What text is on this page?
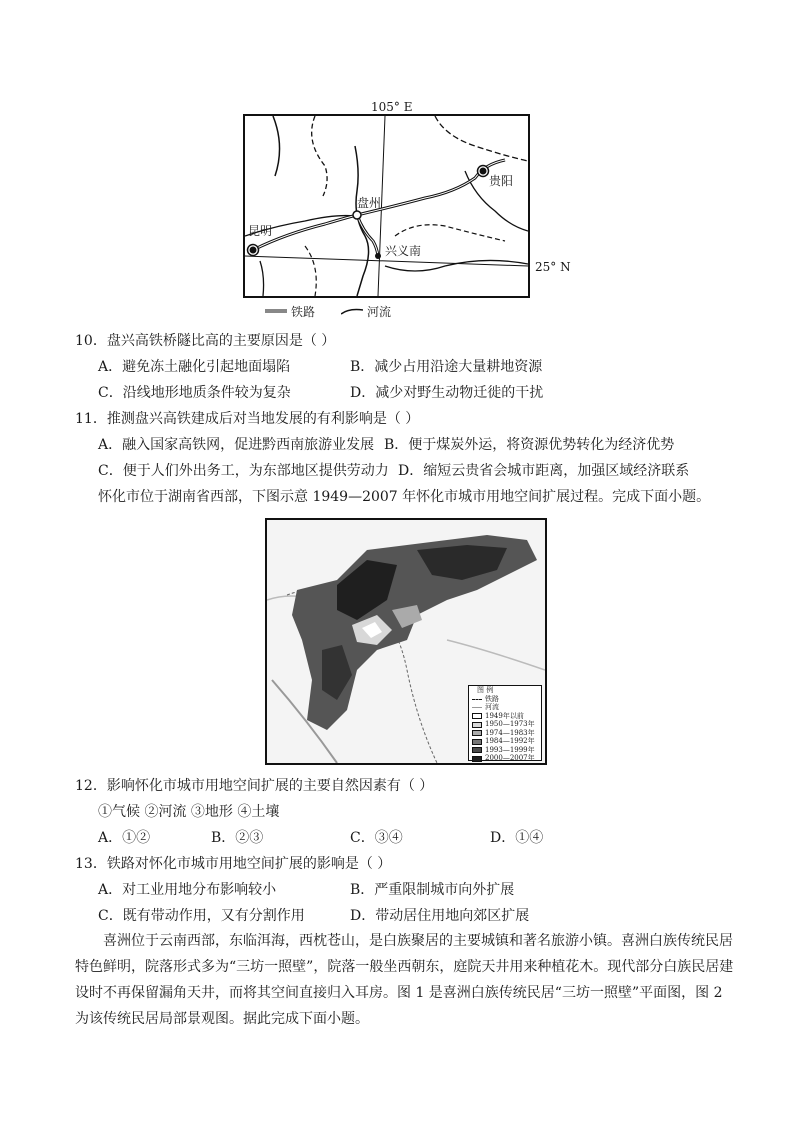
105° E
昆明
盘州
兴义南
贵阳
25° N
铁路	河流
10．盘兴高铁桥隧比高的主要原因是（ ）
A．避免冻土融化引起地面塌陷	B．减少占用沿途大量耕地资源
C．沿线地形地质条件较为复杂	D．减少对野生动物迁徙的干扰
11．推测盘兴高铁建成后对当地发展的有利影响是（ ）
A．融入国家高铁网，促进黔西南旅游业发展 B．便于煤炭外运，将资源优势转化为经济优势
C．便于人们外出务工，为东部地区提供劳动力 D．缩短云贵省会城市距离，加强区域经济联系
怀化市位于湖南省西部，下图示意 1949—2007 年怀化市城市用地空间扩展过程。完成下面小题。
图 例
铁路
河流
1949年以前
1950—1973年
1974—1983年
1984—1992年
1993—1999年
2000—2007年
12．影响怀化市城市用地空间扩展的主要自然因素有（ ）
①气候 ②河流 ③地形 ④土壤
A．①②	B．②③	C．③④	D．①④
13．铁路对怀化市城市用地空间扩展的影响是（ ）
A．对工业用地分布影响较小	B．严重限制城市向外扩展
C．既有带动作用，又有分割作用	D．带动居住用地向郊区扩展
喜洲位于云南西部，东临洱海，西枕苍山，是白族聚居的主要城镇和著名旅游小镇。喜洲白族传统民居特色鲜明，院落形式多为“三坊一照壁”，院落一般坐西朝东，庭院天井用来种植花木。现代部分白族民居建设时不再保留漏角天井，而将其空间直接归入耳房。图 1 是喜洲白族传统民居“三坊一照壁”平面图，图 2 为该传统民居局部景观图。据此完成下面小题。
